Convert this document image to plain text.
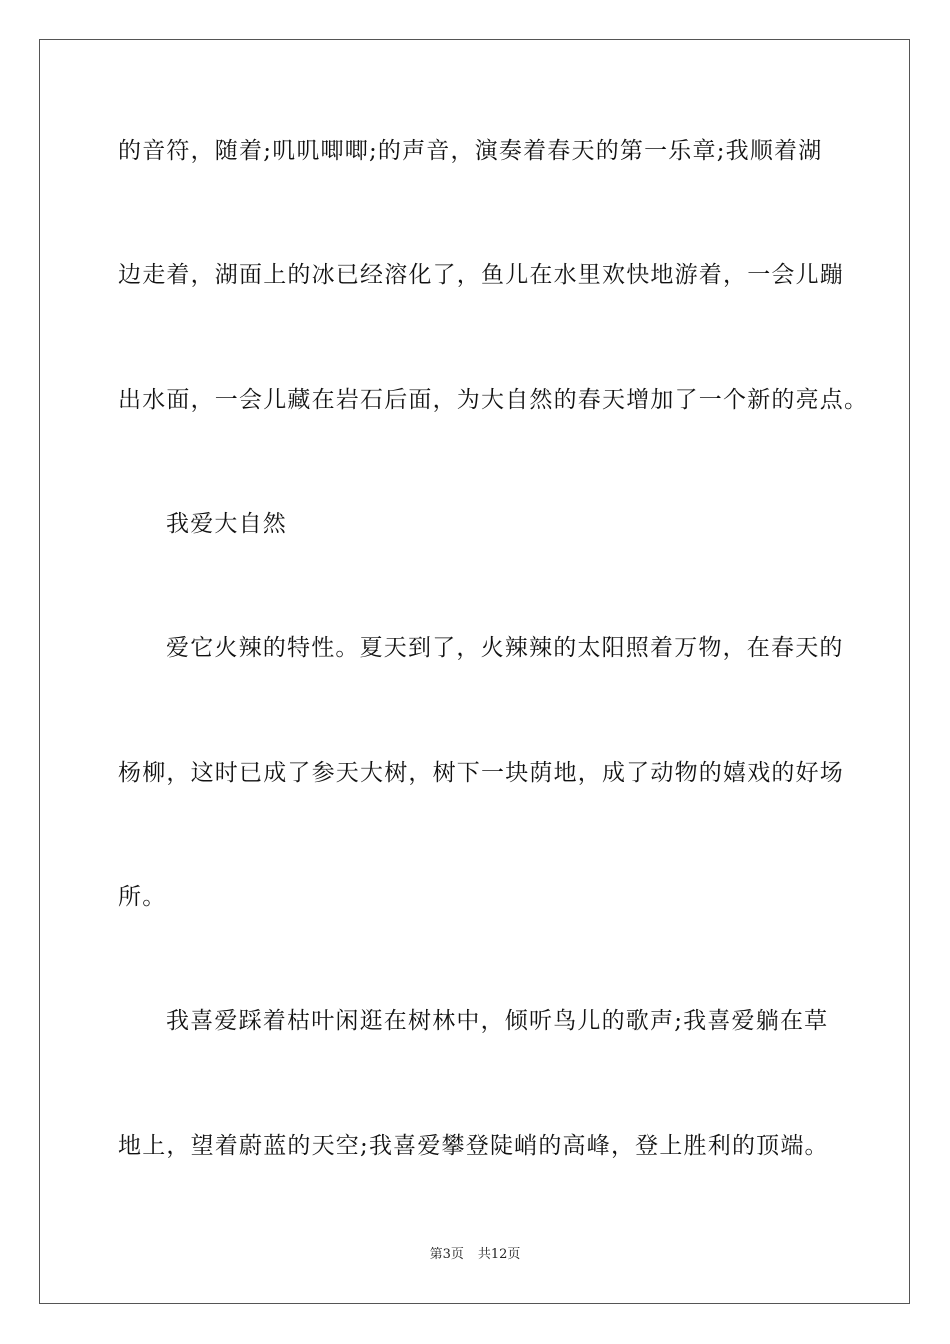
的音符，随着;叽叽唧唧;的声音，演奏着春天的第一乐章;我顺着湖
边走着，湖面上的冰已经溶化了，鱼儿在水里欢快地游着，一会儿蹦
出水面，一会儿藏在岩石后面，为大自然的春天增加了一个新的亮点。
我爱大自然
爱它火辣的特性。夏天到了，火辣辣的太阳照着万物，在春天的
杨柳，这时已成了参天大树，树下一块荫地，成了动物的嬉戏的好场
所。
我喜爱踩着枯叶闲逛在树林中，倾听鸟儿的歌声;我喜爱躺在草
地上，望着蔚蓝的天空;我喜爱攀登陡峭的高峰，登上胜利的顶端。
第3页 共12页
